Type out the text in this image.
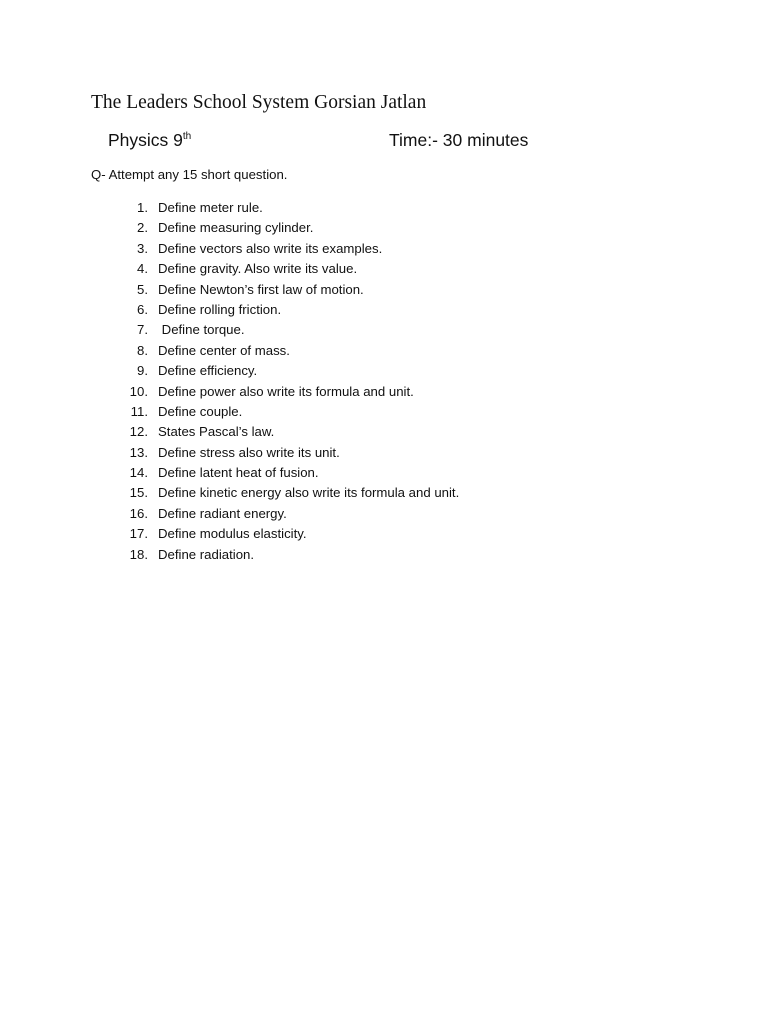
The Leaders School System Gorsian Jatlan
Physics 9th	Time:- 30 minutes
Q- Attempt any 15 short question.
1. Define meter rule.
2. Define measuring cylinder.
3. Define vectors also write its examples.
4. Define gravity. Also write its value.
5. Define Newton’s first law of motion.
6. Define rolling friction.
7. Define torque.
8. Define center of mass.
9. Define efficiency.
10. Define power also write its formula and unit.
11. Define couple.
12. States Pascal’s law.
13. Define stress also write its unit.
14. Define latent heat of fusion.
15. Define kinetic energy also write its formula and unit.
16. Define radiant energy.
17. Define modulus elasticity.
18. Define radiation.
